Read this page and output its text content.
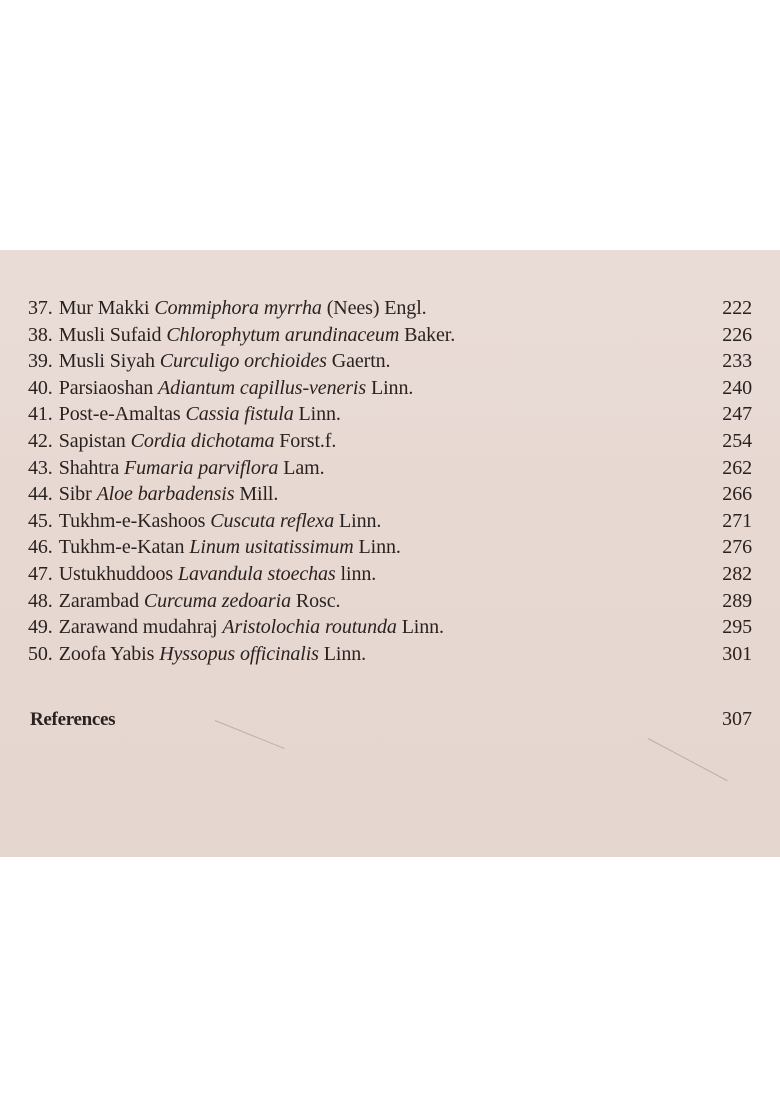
37. Mur Makki Commiphora myrrha (Nees) Engl.	222
38. Musli Sufaid Chlorophytum arundinaceum Baker.	226
39. Musli Siyah Curculigo orchioides Gaertn.	233
40. Parsiaoshan Adiantum capillus-veneris Linn.	240
41. Post-e-Amaltas Cassia fistula Linn.	247
42. Sapistan Cordia dichotama Forst.f.	254
43. Shahtra Fumaria parviflora Lam.	262
44. Sibr Aloe barbadensis Mill.	266
45. Tukhm-e-Kashoos Cuscuta reflexa Linn.	271
46. Tukhm-e-Katan Linum usitatissimum Linn.	276
47. Ustukhuddoos Lavandula stoechas linn.	282
48. Zarambad Curcuma zedoaria Rosc.	289
49. Zarawand mudahraj Aristolochia routunda Linn.	295
50. Zoofa Yabis Hyssopus officinalis Linn.	301
References	307
